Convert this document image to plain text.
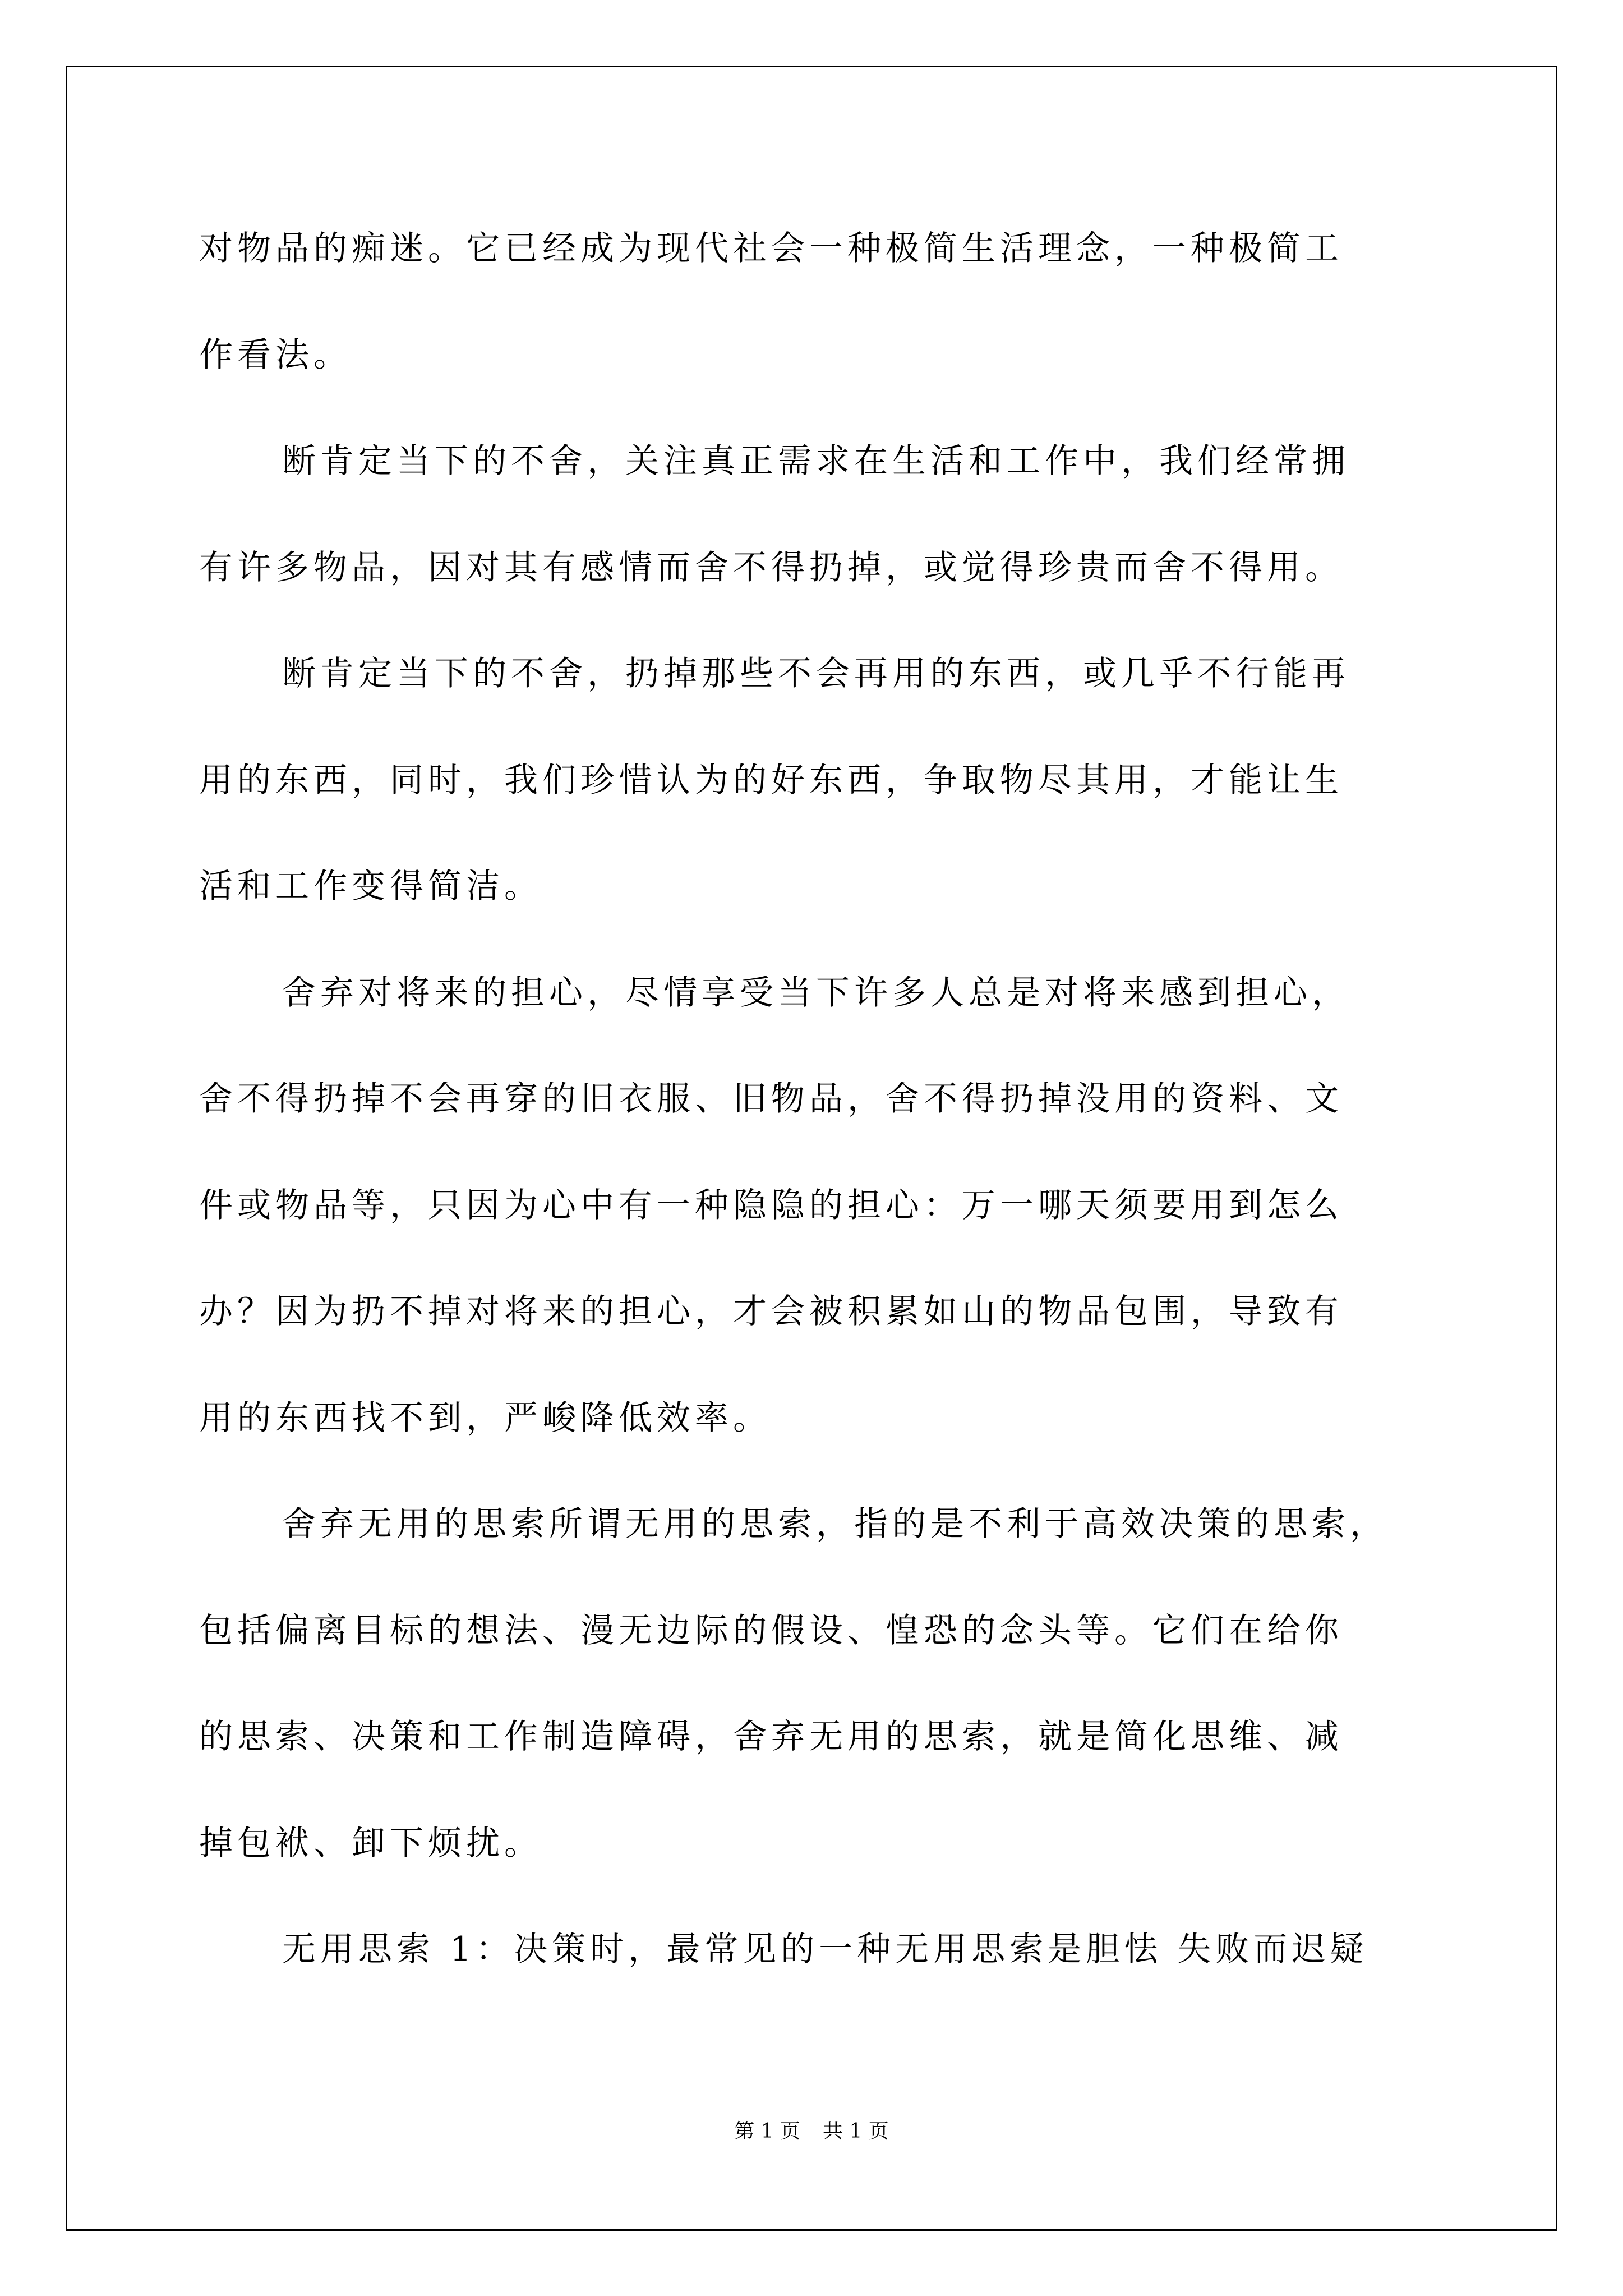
对物品的痴迷。它已经成为现代社会一种极简生活理念，一种极简工
作看法。
断肯定当下的不舍，关注真正需求在生活和工作中，我们经常拥
有许多物品，因对其有感情而舍不得扔掉，或觉得珍贵而舍不得用。
断肯定当下的不舍，扔掉那些不会再用的东西，或几乎不行能再
用的东西，同时，我们珍惜认为的好东西，争取物尽其用，才能让生
活和工作变得简洁。
舍弃对将来的担心，尽情享受当下许多人总是对将来感到担心，
舍不得扔掉不会再穿的旧衣服、旧物品，舍不得扔掉没用的资料、文
件或物品等，只因为心中有一种隐隐的担心：万一哪天须要用到怎么
办？因为扔不掉对将来的担心，才会被积累如山的物品包围，导致有
用的东西找不到，严峻降低效率。
舍弃无用的思索所谓无用的思索，指的是不利于高效决策的思索，
包括偏离目标的想法、漫无边际的假设、惶恐的念头等。它们在给你
的思索、决策和工作制造障碍，舍弃无用的思索，就是简化思维、减
掉包袱、卸下烦扰。
无用思索 1：决策时，最常见的一种无用思索是胆怯 失败而迟疑
第 1 页 共 1 页
